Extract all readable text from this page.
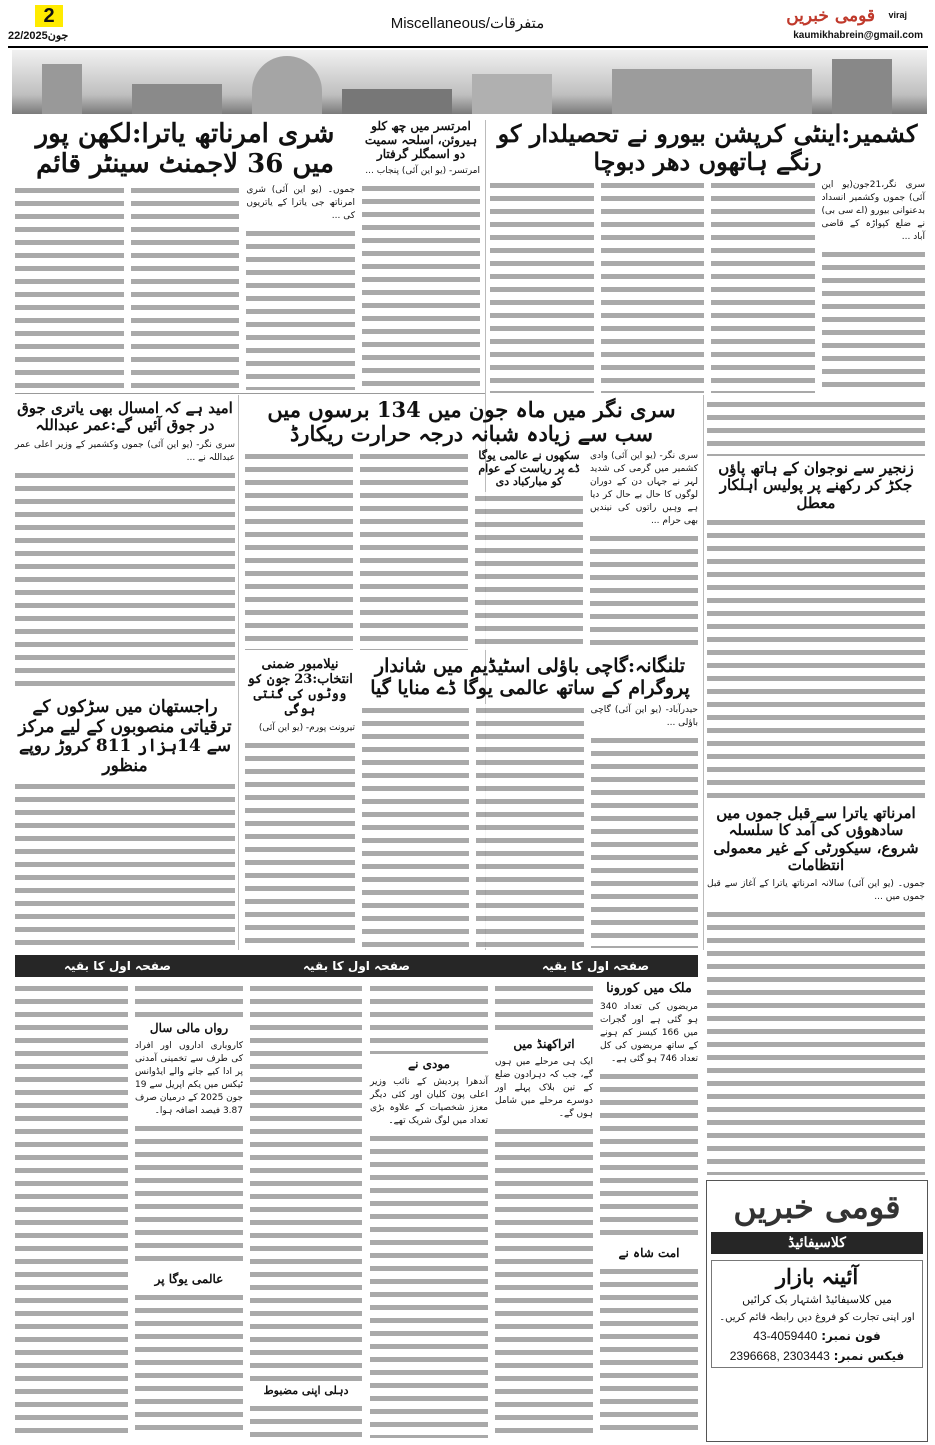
2
22/جون2025
Miscellaneous/متفرقات	قومی خبریں viraj
kaumikhabrein@gmail.com
کشمیر:اینٹی کرپشن بیورو نے تحصیلدار کو رنگے ہاتھوں دھر دبوچا
سری نگر،21جون(یو این آئی) جموں وکشمیر انسداد بدعنوانی بیورو (اے سی بی) نے ضلع کپواڑہ کے قاضی آباد ...
امرتسر میں چھ کلو ہیروئن، اسلحہ سمیت دو اسمگلر گرفتار
امرتسر- (یو این آئی) پنجاب ...
شری امرناتھ یاترا:لکھن پور میں 36 لاجمنٹ سینٹر قائم
جموں۔ (یو این آئی) شری امرناتھ جی یاترا کے یاتریوں کی ...
سری نگر میں ماہ جون میں 134 برسوں میں سب سے زیادہ شبانہ درجہ حرارت ریکارڈ
سری نگر- (یو این آئی) وادی کشمیر میں گرمی کی شدید لہر نے جہاں دن کے دوران لوگوں کا حال بے حال کر دیا ہے وہیں راتوں کی نیندیں بھی حرام ...
سکھوں نے عالمی یوگا ڈے پر ریاست کے عوام کو مبارکباد دی
امید ہے کہ امسال بھی یاتری جوق در جوق آئیں گے:عمر عبداللہ
سری نگر- (یو این آئی) جموں وکشمیر کے وزیر اعلی عمر عبداللہ نے ...
زنجیر سے نوجوان کے ہاتھ پاؤں جکڑ کر رکھنے پر پولیس اہلکار معطل
تلنگانہ:گاچی باؤلی اسٹیڈیم میں شاندار پروگرام کے ساتھ عالمی یوگا ڈے منایا گیا
حیدرآباد- (یو این آئی) گاچی باؤلی ...
نیلامبور ضمنی انتخاب:23 جون کو ووٹوں کی گنتی ہوگی
تیرونت پورم- (یو این آئی)
راجستھان میں سڑکوں کے ترقیاتی منصوبوں کے لیے مرکز سے 14ہزار 811 کروڑ روپے منظور
امرناتھ یاترا سے قبل جموں میں سادھوؤں کی آمد کا سلسلہ شروع، سیکورٹی کے غیر معمولی انتظامات
جموں۔ (یو این آئی) سالانہ امرناتھ یاترا کے آغاز سے قبل جموں میں ...
صفحہ اول کا بقیہ
صفحہ اول کا بقیہ
صفحہ اول کا بقیہ
ملک میں کورونا
مریضوں کی تعداد 340 ہو گئی ہے اور گجرات میں 166 کیسز کم ہونے کے ساتھ مریضوں کی کل تعداد 746 ہو گئی ہے۔
امت شاہ نے
اتراکھنڈ میں
ایک ہی مرحلے میں ہوں گے، جب کہ دہرادون ضلع کے تین بلاک پہلے اور دوسرے مرحلے میں شامل ہوں گے۔
مودی نے
آندھرا پردیش کے نائب وزیر اعلی پون کلیان اور کئی دیگر معزز شخصیات کے علاوہ بڑی تعداد میں لوگ شریک تھے۔
دہلی اپنی مضبوط
رواں مالی سال
کاروباری اداروں اور افراد کی طرف سے تخمینی آمدنی پر ادا کیے جانے والے ایڈوانس ٹیکس میں یکم اپریل سے 19 جون 2025 کے درمیان صرف 3.87 فیصد اضافہ ہوا۔
عالمی یوگا پر
قومی خبریں
کلاسیفائیڈ
آئینہ بازار
میں کلاسیفائیڈ اشتہار بک کرائیں
اور اپنی تجارت کو فروغ دیں رابطہ قائم کریں۔
فون نمبر: 43-4059440
فیکس نمبر: 2396668, 2303443
